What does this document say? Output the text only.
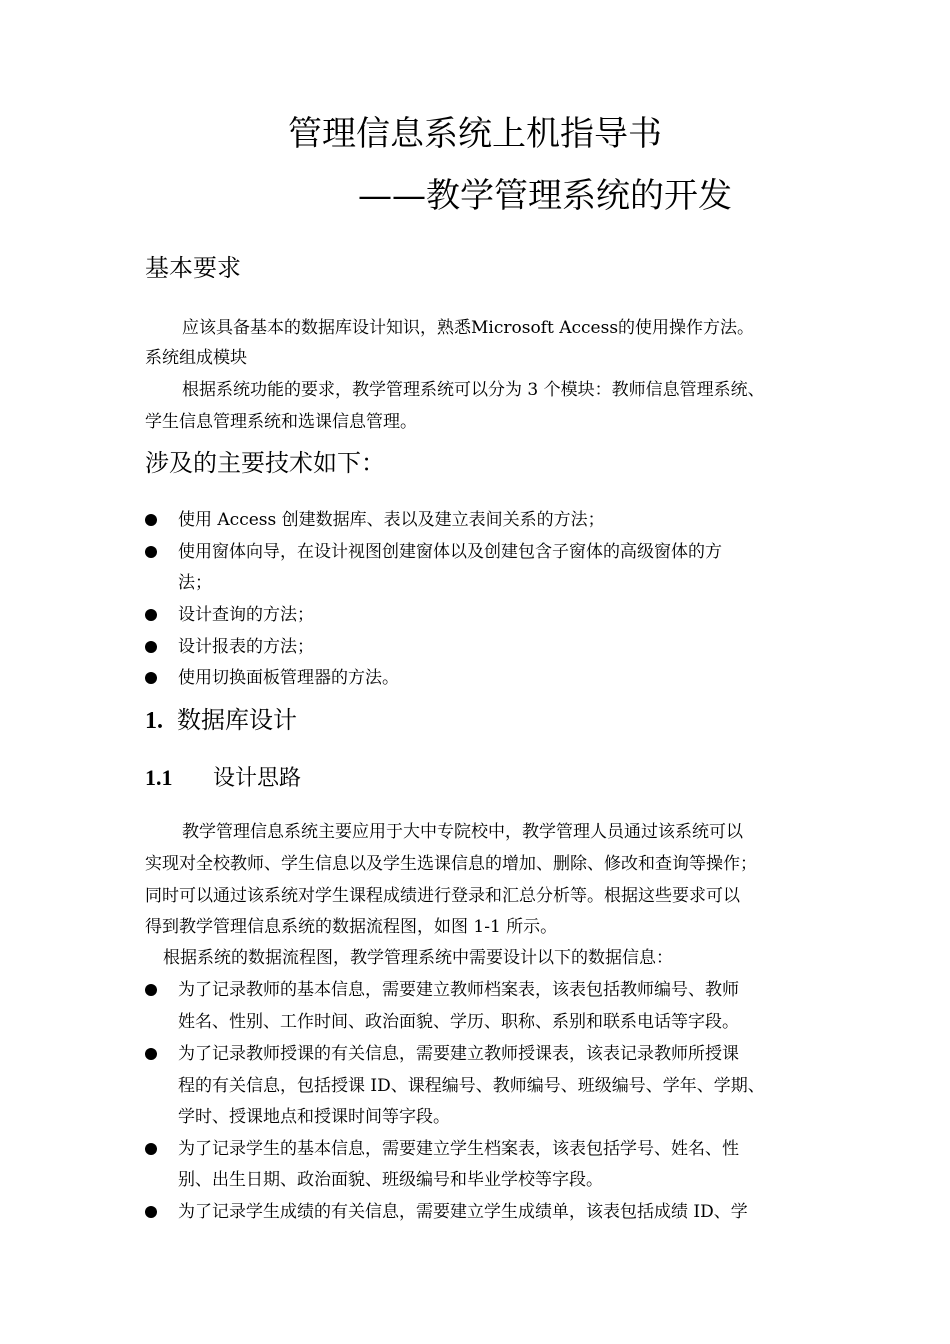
管理信息系统上机指导书
——教学管理系统的开发
基本要求
应该具备基本的数据库设计知识，熟悉Microsoft Access的使用操作方法。
系统组成模块
根据系统功能的要求，教学管理系统可以分为 3 个模块：教师信息管理系统、
学生信息管理系统和选课信息管理。
涉及的主要技术如下：
使用 Access 创建数据库、表以及建立表间关系的方法；
使用窗体向导，在设计视图创建窗体以及创建包含子窗体的高级窗体的方
法；
设计查询的方法；
设计报表的方法；
使用切换面板管理器的方法。
1. 数据库设计
1.1 设计思路
教学管理信息系统主要应用于大中专院校中，教学管理人员通过该系统可以
实现对全校教师、学生信息以及学生选课信息的增加、删除、修改和查询等操作；
同时可以通过该系统对学生课程成绩进行登录和汇总分析等。根据这些要求可以
得到教学管理信息系统的数据流程图，如图 1-1 所示。
根据系统的数据流程图，教学管理系统中需要设计以下的数据信息：
为了记录教师的基本信息，需要建立教师档案表，该表包括教师编号、教师
姓名、性别、工作时间、政治面貌、学历、职称、系别和联系电话等字段。
为了记录教师授课的有关信息，需要建立教师授课表，该表记录教师所授课
程的有关信息，包括授课 ID、课程编号、教师编号、班级编号、学年、学期、
学时、授课地点和授课时间等字段。
为了记录学生的基本信息，需要建立学生档案表，该表包括学号、姓名、性
别、出生日期、政治面貌、班级编号和毕业学校等字段。
为了记录学生成绩的有关信息，需要建立学生成绩单，该表包括成绩 ID、学
